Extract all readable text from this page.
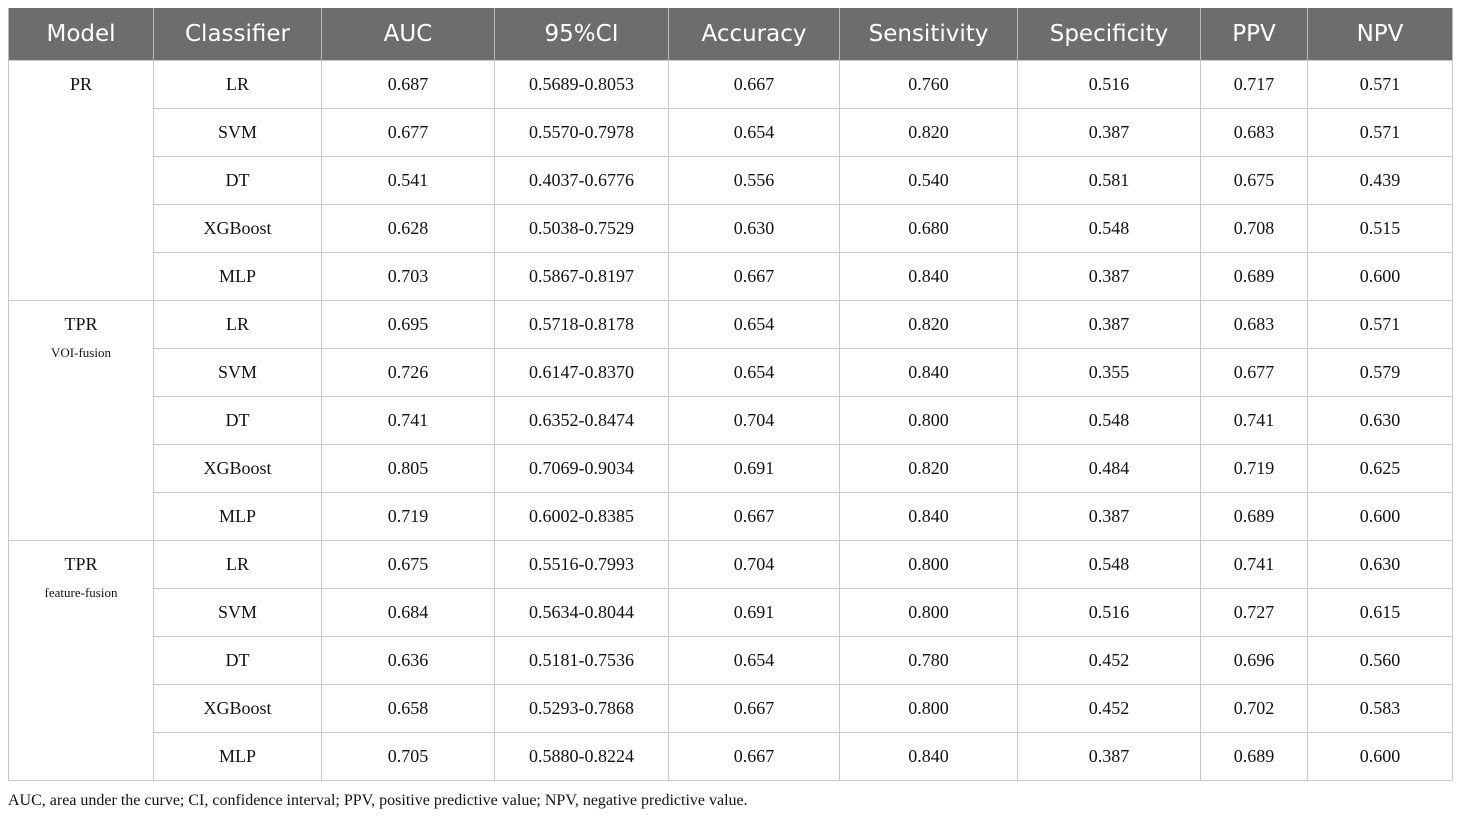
Model	Classifier	AUC	95%CI	Accuracy	Sensitivity	Specificity	PPV	NPV

PR	LR	0.687	0.5689-0.8053	0.667	0.760	0.516	0.717	0.571
	SVM	0.677	0.5570-0.7978	0.654	0.820	0.387	0.683	0.571
	DT	0.541	0.4037-0.6776	0.556	0.540	0.581	0.675	0.439
	XGBoost	0.628	0.5038-0.7529	0.630	0.680	0.548	0.708	0.515
	MLP	0.703	0.5867-0.8197	0.667	0.840	0.387	0.689	0.600

TPR
VOI-fusion	LR	0.695	0.5718-0.8178	0.654	0.820	0.387	0.683	0.571
	SVM	0.726	0.6147-0.8370	0.654	0.840	0.355	0.677	0.579
	DT	0.741	0.6352-0.8474	0.704	0.800	0.548	0.741	0.630
	XGBoost	0.805	0.7069-0.9034	0.691	0.820	0.484	0.719	0.625
	MLP	0.719	0.6002-0.8385	0.667	0.840	0.387	0.689	0.600

TPR
feature-fusion	LR	0.675	0.5516-0.7993	0.704	0.800	0.548	0.741	0.630
	SVM	0.684	0.5634-0.8044	0.691	0.800	0.516	0.727	0.615
	DT	0.636	0.5181-0.7536	0.654	0.780	0.452	0.696	0.560
	XGBoost	0.658	0.5293-0.7868	0.667	0.800	0.452	0.702	0.583
	MLP	0.705	0.5880-0.8224	0.667	0.840	0.387	0.689	0.600
AUC, area under the curve; CI, confidence interval; PPV, positive predictive value; NPV, negative predictive value.
